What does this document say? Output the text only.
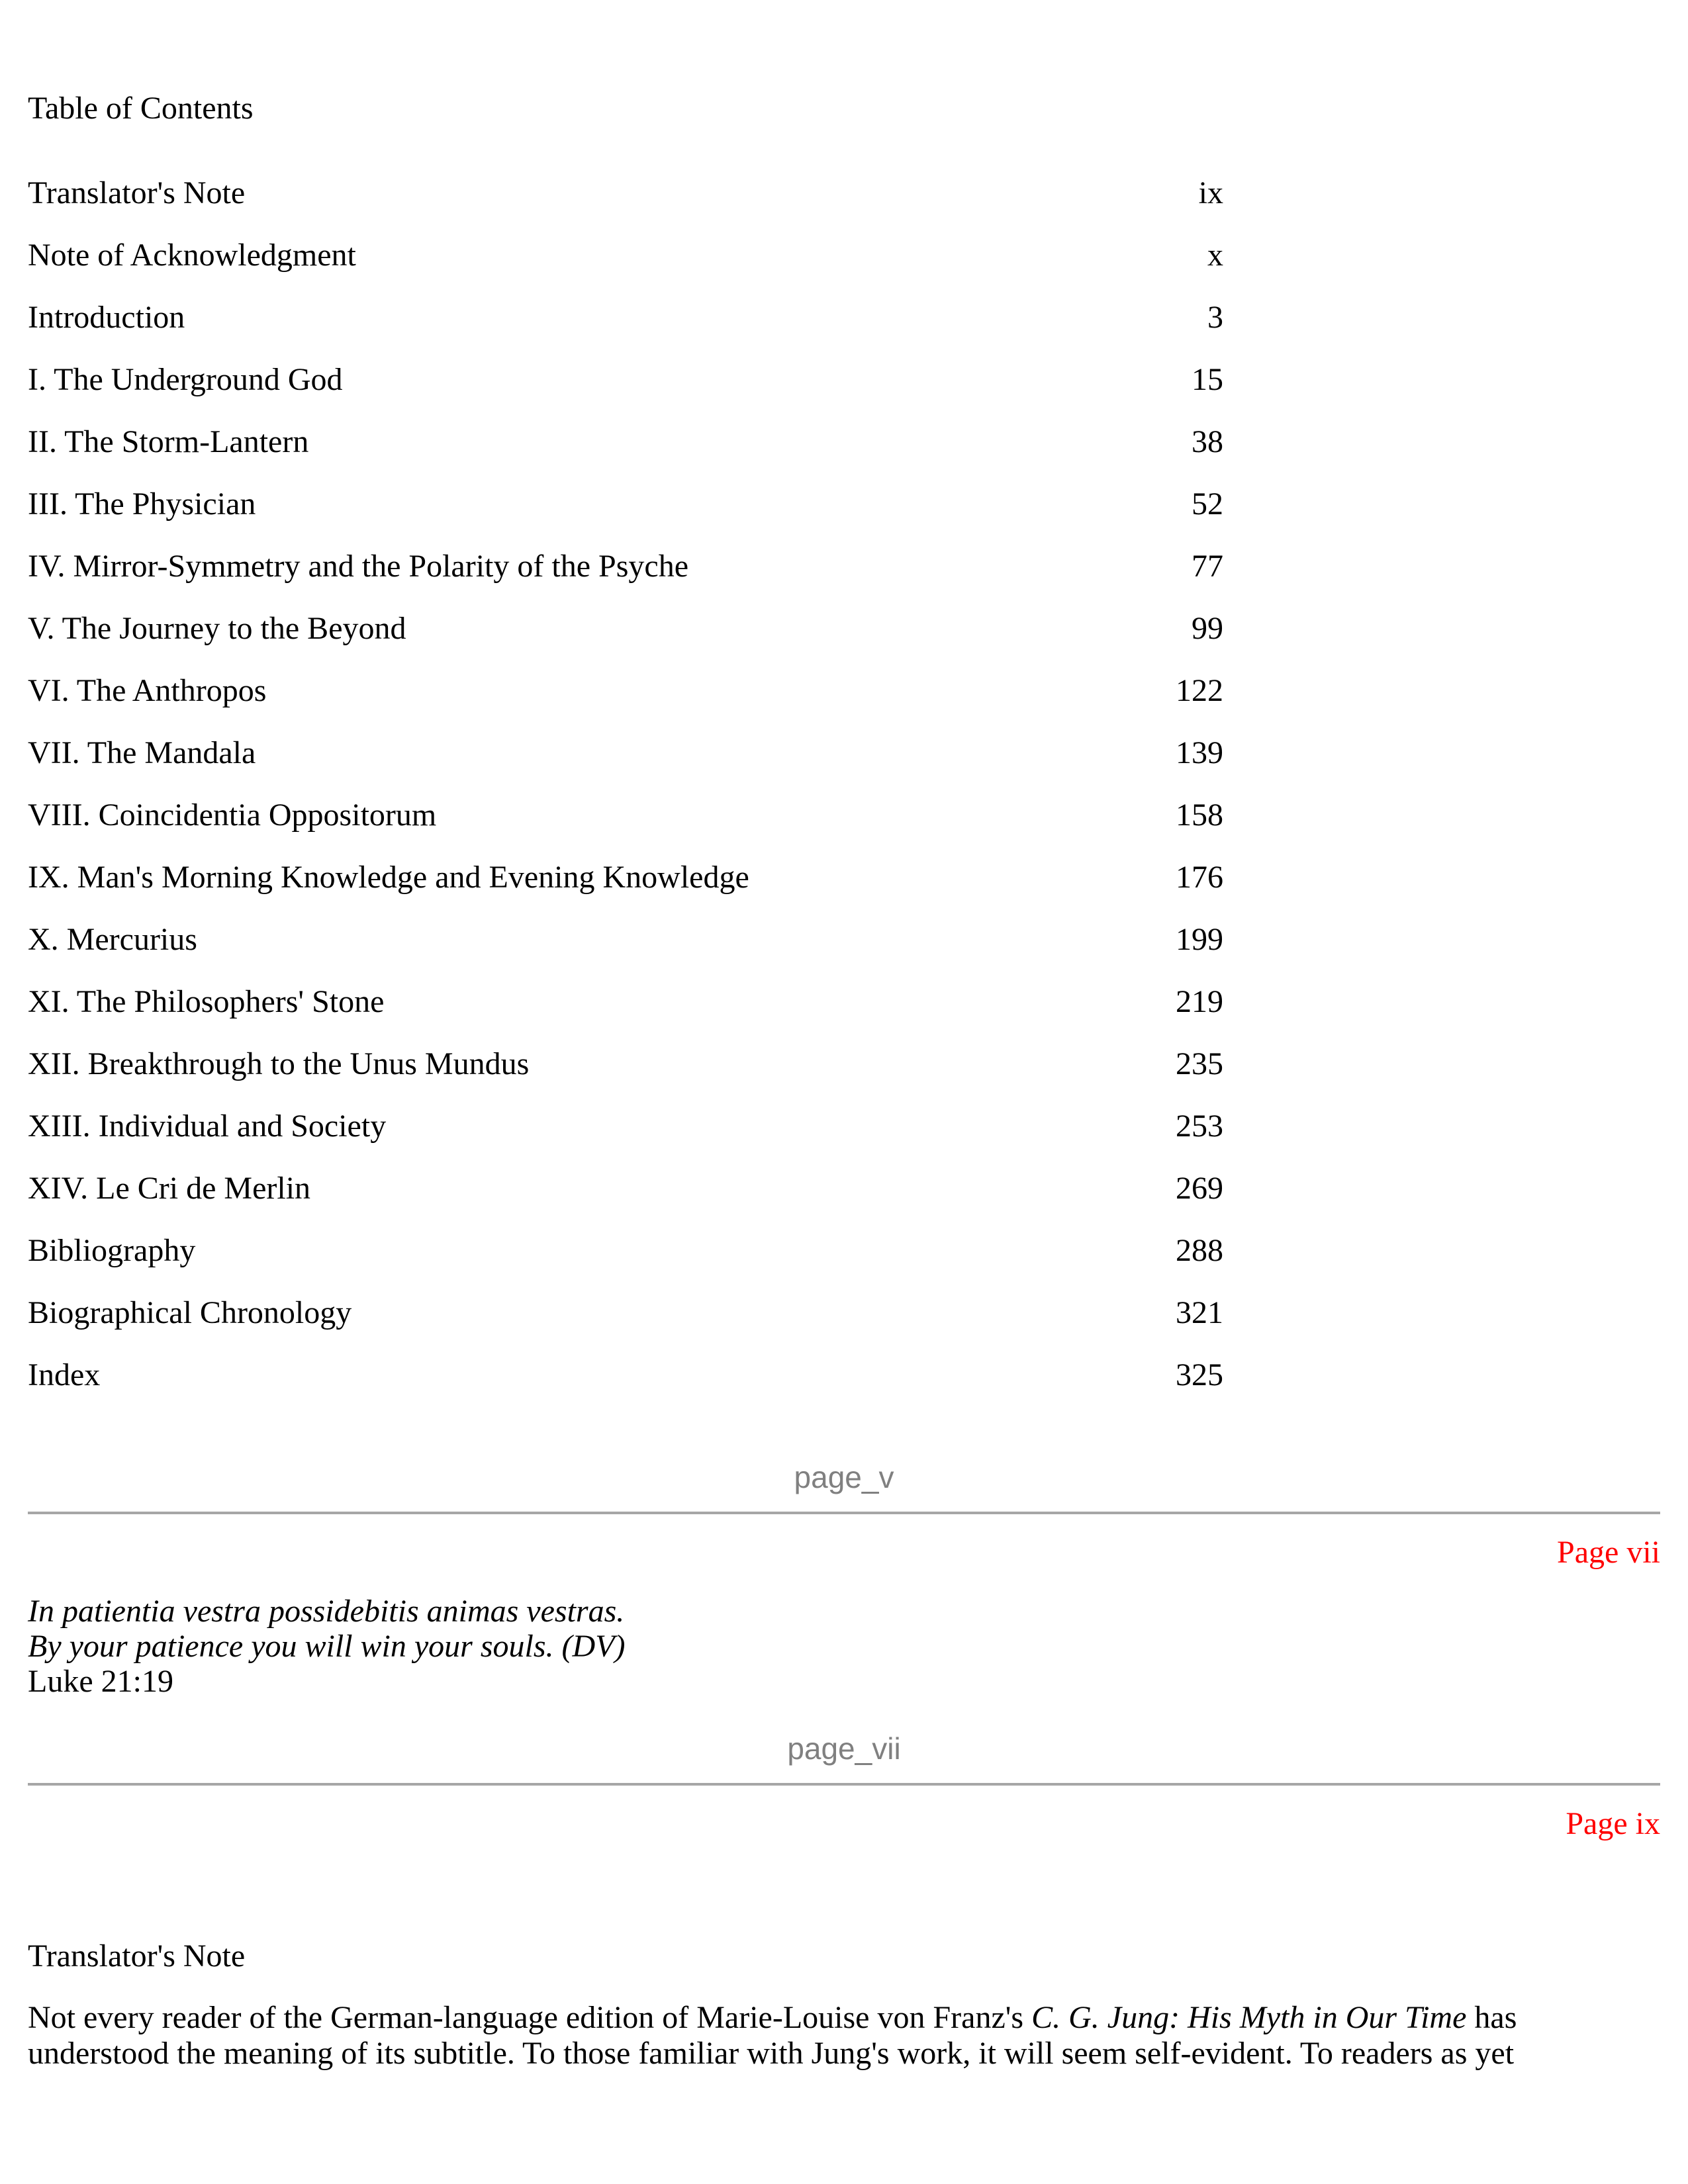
Table of Contents
Translator's Note	ix
Note of Acknowledgment	x
Introduction	3
I. The Underground God	15
II. The Storm-Lantern	38
III. The Physician	52
IV. Mirror-Symmetry and the Polarity of the Psyche	77
V. The Journey to the Beyond	99
VI. The Anthropos	122
VII. The Mandala	139
VIII. Coincidentia Oppositorum	158
IX. Man's Morning Knowledge and Evening Knowledge	176
X. Mercurius	199
XI. The Philosophers' Stone	219
XII. Breakthrough to the Unus Mundus	235
XIII. Individual and Society	253
XIV. Le Cri de Merlin	269
Bibliography	288
Biographical Chronology	321
Index	325
page_v
Page vii
In patientia vestra possidebitis animas vestras.
By your patience you will win your souls. (DV)
Luke 21:19
page_vii
Page ix
Translator's Note

Not every reader of the German-language edition of Marie-Louise von Franz's C. G. Jung: His Myth in Our Time has understood the meaning of its subtitle. To those familiar with Jung's work, it will seem self-evident. To readers as yet
